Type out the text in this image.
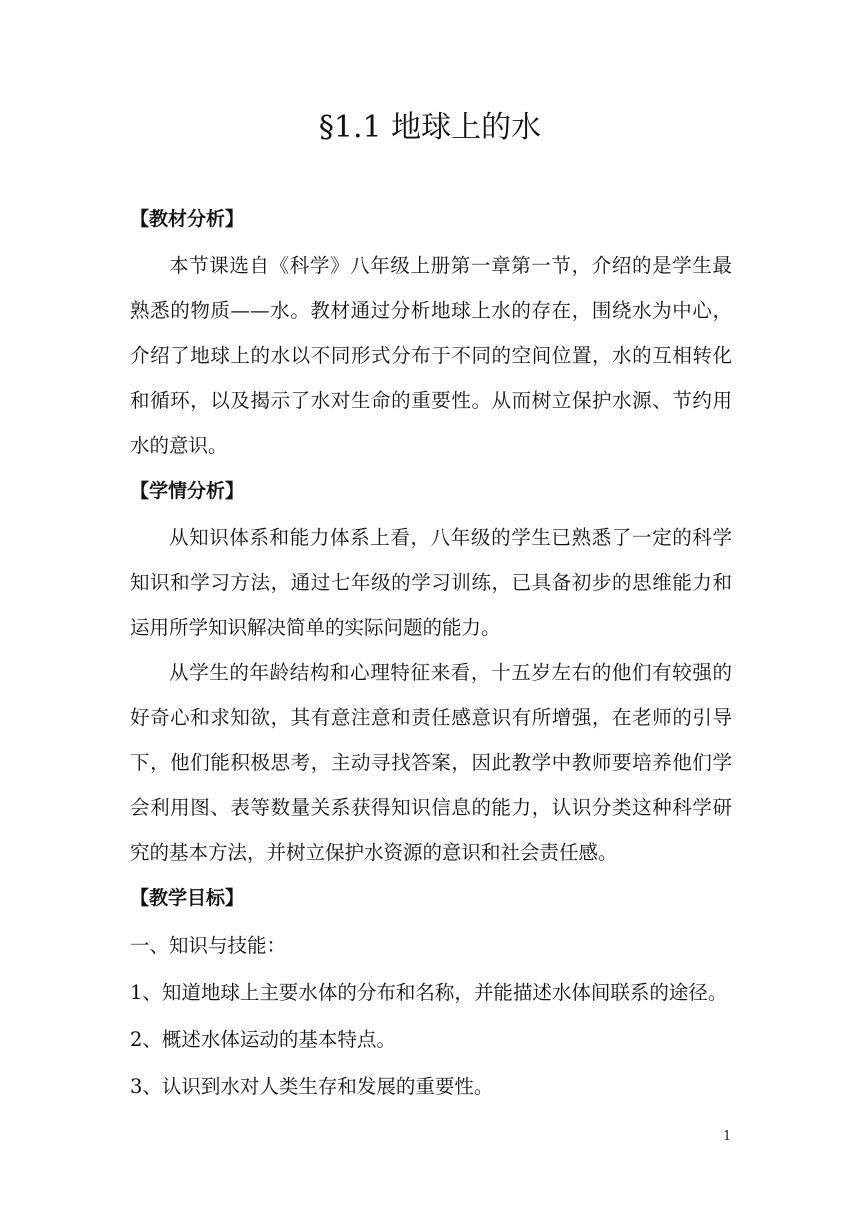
§1.1 地球上的水
【教材分析】

本节课选自《科学》八年级上册第一章第一节，介绍的是学生最熟悉的物质——水。教材通过分析地球上水的存在，围绕水为中心，介绍了地球上的水以不同形式分布于不同的空间位置，水的互相转化和循环，以及揭示了水对生命的重要性。从而树立保护水源、节约用水的意识。

【学情分析】

从知识体系和能力体系上看，八年级的学生已熟悉了一定的科学知识和学习方法，通过七年级的学习训练，已具备初步的思维能力和运用所学知识解决简单的实际问题的能力。

从学生的年龄结构和心理特征来看，十五岁左右的他们有较强的好奇心和求知欲，其有意注意和责任感意识有所增强，在老师的引导下，他们能积极思考，主动寻找答案，因此教学中教师要培养他们学会利用图、表等数量关系获得知识信息的能力，认识分类这种科学研究的基本方法，并树立保护水资源的意识和社会责任感。

【教学目标】
一、知识与技能：
1、知道地球上主要水体的分布和名称，并能描述水体间联系的途径。
2、概述水体运动的基本特点。
3、认识到水对人类生存和发展的重要性。
1
